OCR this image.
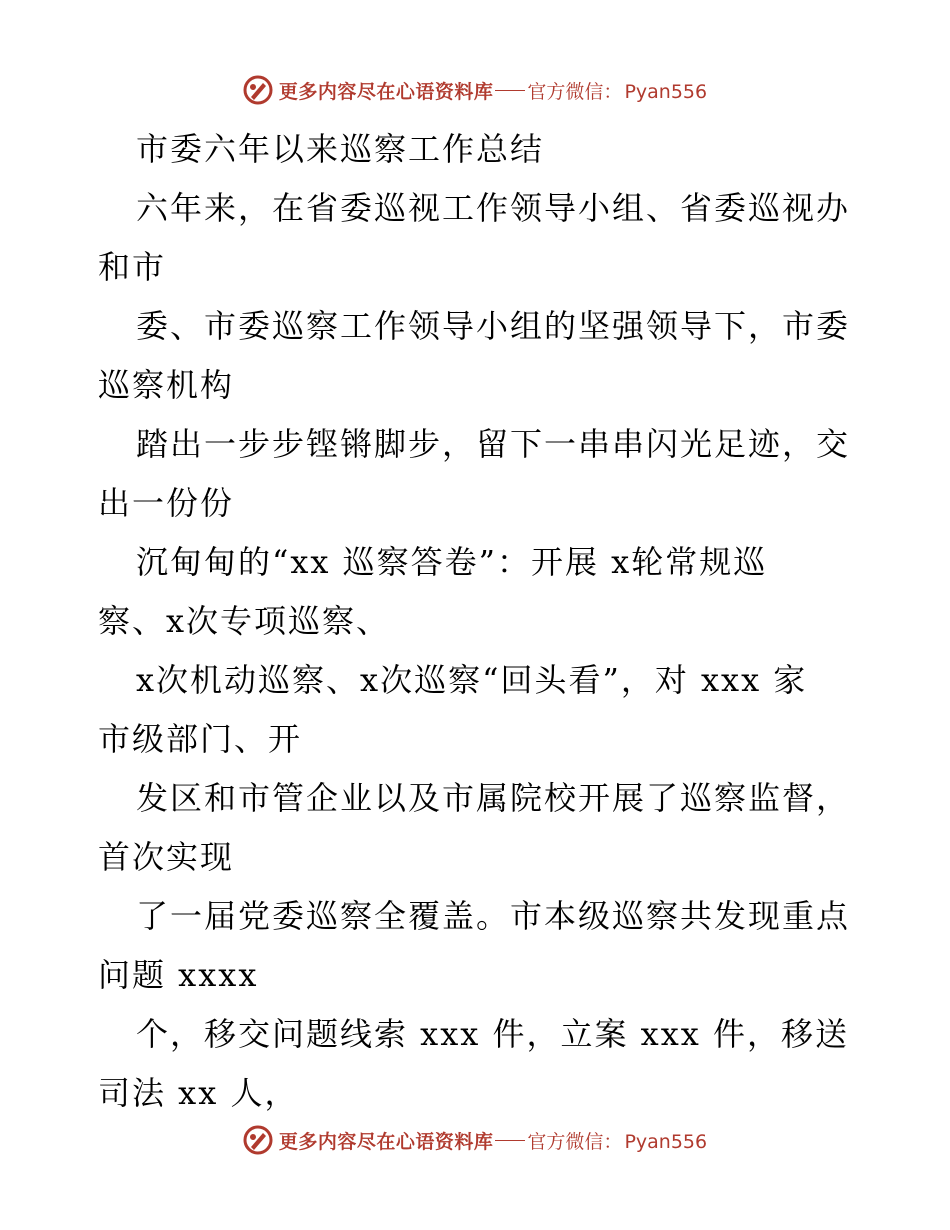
更多内容尽在心语资料库 官方微信： Pyan556
市委六年以来巡察工作总结
六年来，在省委巡视工作领导小组、省委巡视办
和市
委、市委巡察工作领导小组的坚强领导下，市委
巡察机构
踏出一步步铿锵脚步，留下一串串闪光足迹，交
出一份份
沉甸甸的“xx 巡察答卷”：开展 x轮常规巡
察、x次专项巡察、
x次机动巡察、x次巡察“回头看”，对 xxx 家
市级部门、开
发区和市管企业以及市属院校开展了巡察监督，
首次实现
了一届党委巡察全覆盖。市本级巡察共发现重点
问题 xxxx
个，移交问题线索 xxx 件，立案 xxx 件，移送
司法 xx 人，
更多内容尽在心语资料库 官方微信： Pyan556
